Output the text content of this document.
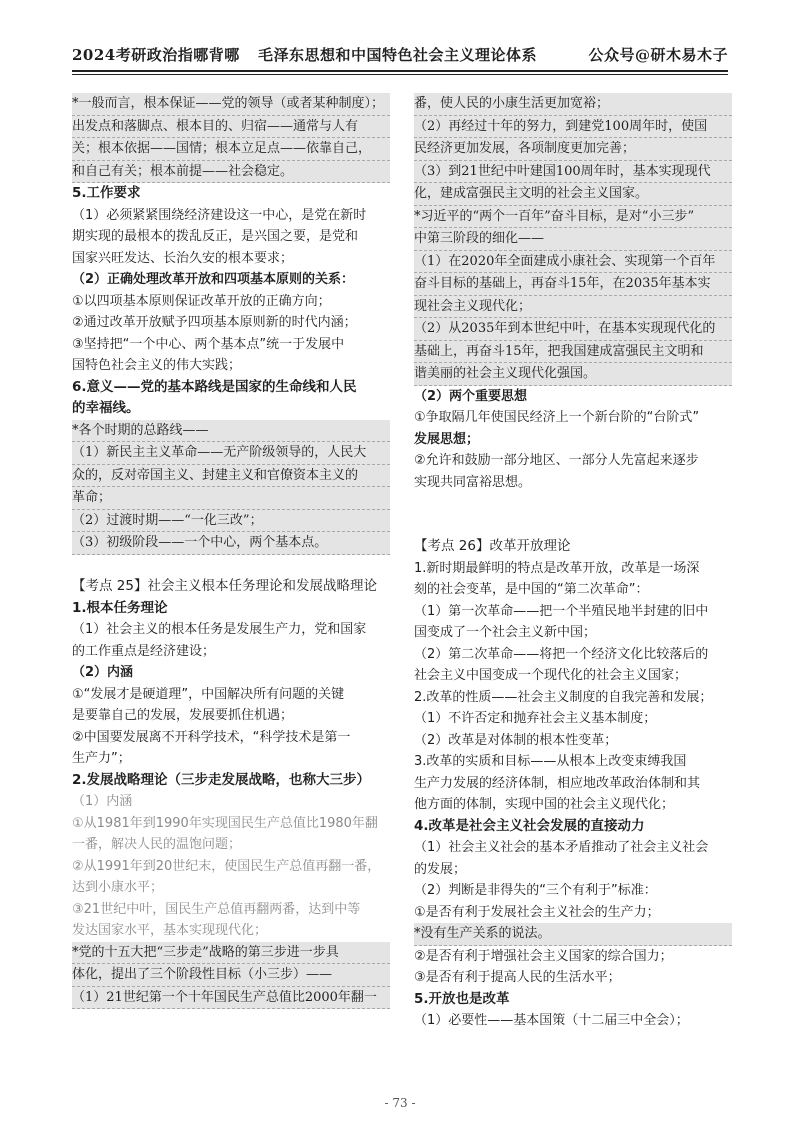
2024考研政治指哪背哪 毛泽东思想和中国特色社会主义理论体系	公众号@研木易木子
*一般而言，根本保证——党的领导（或者某种制度）；
出发点和落脚点、根本目的、归宿——通常与人有
关；根本依据——国情；根本立足点——依靠自己，
和自己有关；根本前提——社会稳定。
5.工作要求
（1）必须紧紧围绕经济建设这一中心，是党在新时
期实现的最根本的拨乱反正，是兴国之要，是党和
国家兴旺发达、长治久安的根本要求；
（2）正确处理改革开放和四项基本原则的关系：
①以四项基本原则保证改革开放的正确方向；
②通过改革开放赋予四项基本原则新的时代内涵；
③坚持把“一个中心、两个基本点”统一于发展中
国特色社会主义的伟大实践；
6.意义——党的基本路线是国家的生命线和人民
的幸福线。
*各个时期的总路线——
（1）新民主主义革命——无产阶级领导的，人民大
众的，反对帝国主义、封建主义和官僚资本主义的
革命；
（2）过渡时期——“一化三改”；
（3）初级阶段——一个中心，两个基本点。
【考点 25】社会主义根本任务理论和发展战略理论
1.根本任务理论
（1）社会主义的根本任务是发展生产力，党和国家
的工作重点是经济建设；
（2）内涵
①“发展才是硬道理”，中国解决所有问题的关键
是要靠自己的发展，发展要抓住机遇；
②中国要发展离不开科学技术，“科学技术是第一
生产力”；
2.发展战略理论（三步走发展战略，也称大三步）
（1）内涵
①从1981年到1990年实现国民生产总值比1980年翻
一番，解决人民的温饱问题；
②从1991年到20世纪末，使国民生产总值再翻一番，
达到小康水平；
③21世纪中叶，国民生产总值再翻两番，达到中等
发达国家水平，基本实现现代化；
*党的十五大把“三步走”战略的第三步进一步具
体化，提出了三个阶段性目标（小三步）——
（1）21世纪第一个十年国民生产总值比2000年翻一
番，使人民的小康生活更加宽裕；
（2）再经过十年的努力，到建党100周年时，使国
民经济更加发展，各项制度更加完善；
（3）到21世纪中叶建国100周年时，基本实现现代
化，建成富强民主文明的社会主义国家。
*习近平的“两个一百年”奋斗目标，是对“小三步”
中第三阶段的细化——
（1）在2020年全面建成小康社会、实现第一个百年
奋斗目标的基础上，再奋斗15年，在2035年基本实
现社会主义现代化；
（2）从2035年到本世纪中叶，在基本实现现代化的
基础上，再奋斗15年，把我国建成富强民主文明和
谐美丽的社会主义现代化强国。
（2）两个重要思想
①争取隔几年使国民经济上一个新台阶的“台阶式”
发展思想；
②允许和鼓励一部分地区、一部分人先富起来逐步
实现共同富裕思想。
【考点 26】改革开放理论
1.新时期最鲜明的特点是改革开放，改革是一场深
刻的社会变革，是中国的“第二次革命”：
（1）第一次革命——把一个半殖民地半封建的旧中
国变成了一个社会主义新中国；
（2）第二次革命——将把一个经济文化比较落后的
社会主义中国变成一个现代化的社会主义国家；
2.改革的性质——社会主义制度的自我完善和发展；
（1）不许否定和抛弃社会主义基本制度；
（2）改革是对体制的根本性变革；
3.改革的实质和目标——从根本上改变束缚我国
生产力发展的经济体制，相应地改革政治体制和其
他方面的体制，实现中国的社会主义现代化；
4.改革是社会主义社会发展的直接动力
（1）社会主义社会的基本矛盾推动了社会主义社会
的发展；
（2）判断是非得失的“三个有利于”标准：
①是否有利于发展社会主义社会的生产力；
*没有生产关系的说法。
②是否有利于增强社会主义国家的综合国力；
③是否有利于提高人民的生活水平；
5.开放也是改革
（1）必要性——基本国策（十二届三中全会）；
- 73 -
